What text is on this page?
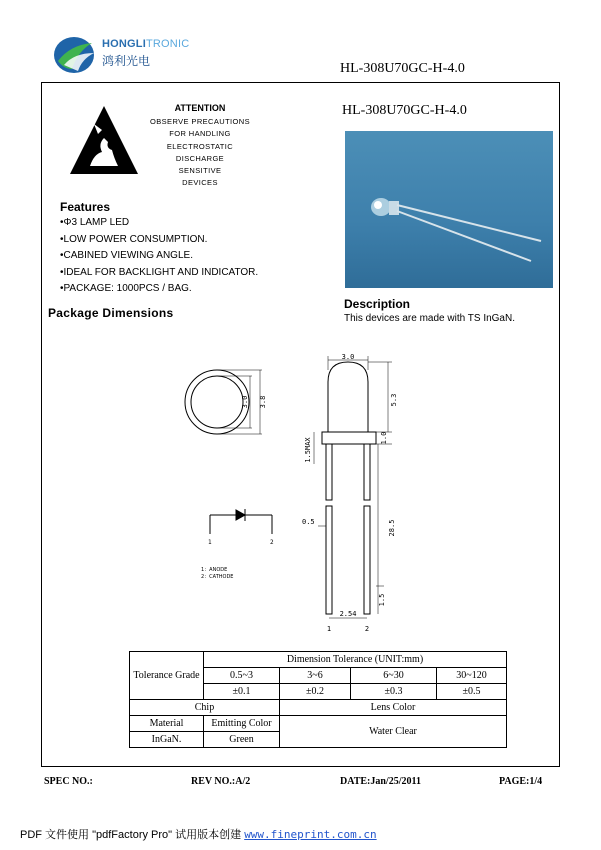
HONGLITRONIC
鸿利光电	HL-308U70GC-H-4.0
ATTENTION
OBSERVE PRECAUTIONS
FOR HANDLING
ELECTROSTATIC
DISCHARGE
SENSITIVE
DEVICES
HL-308U70GC-H-4.0
Features
•Φ3 LAMP LED
•LOW POWER CONSUMPTION.
•CABINED VIEWING ANGLE.
•IDEAL FOR BACKLIGHT AND INDICATOR.
•PACKAGE: 1000PCS / BAG.
Description
This devices are made with TS InGaN.
Package Dimensions
3.0 3.8
3.0
5.3
1.0
1.5MAX
0.5	28.5
1.5
2.54
1	2
1	2
1：ANODE
2：CATHODE
Tolerance Grade	Dimension Tolerance (UNIT:mm)			
	0.5~3	3~6	6~30	30~120
	±0.1	±0.2	±0.3	±0.5
Chip		Lens Color		
Material	Emitting Color	Water Clear		
InGaN.	Green			
SPEC NO.:	REV NO.:A/2	DATE:Jan/25/2011	PAGE:1/4
PDF 文件使用 "pdfFactory Pro" 试用版本创建 www.fineprint.com.cn
